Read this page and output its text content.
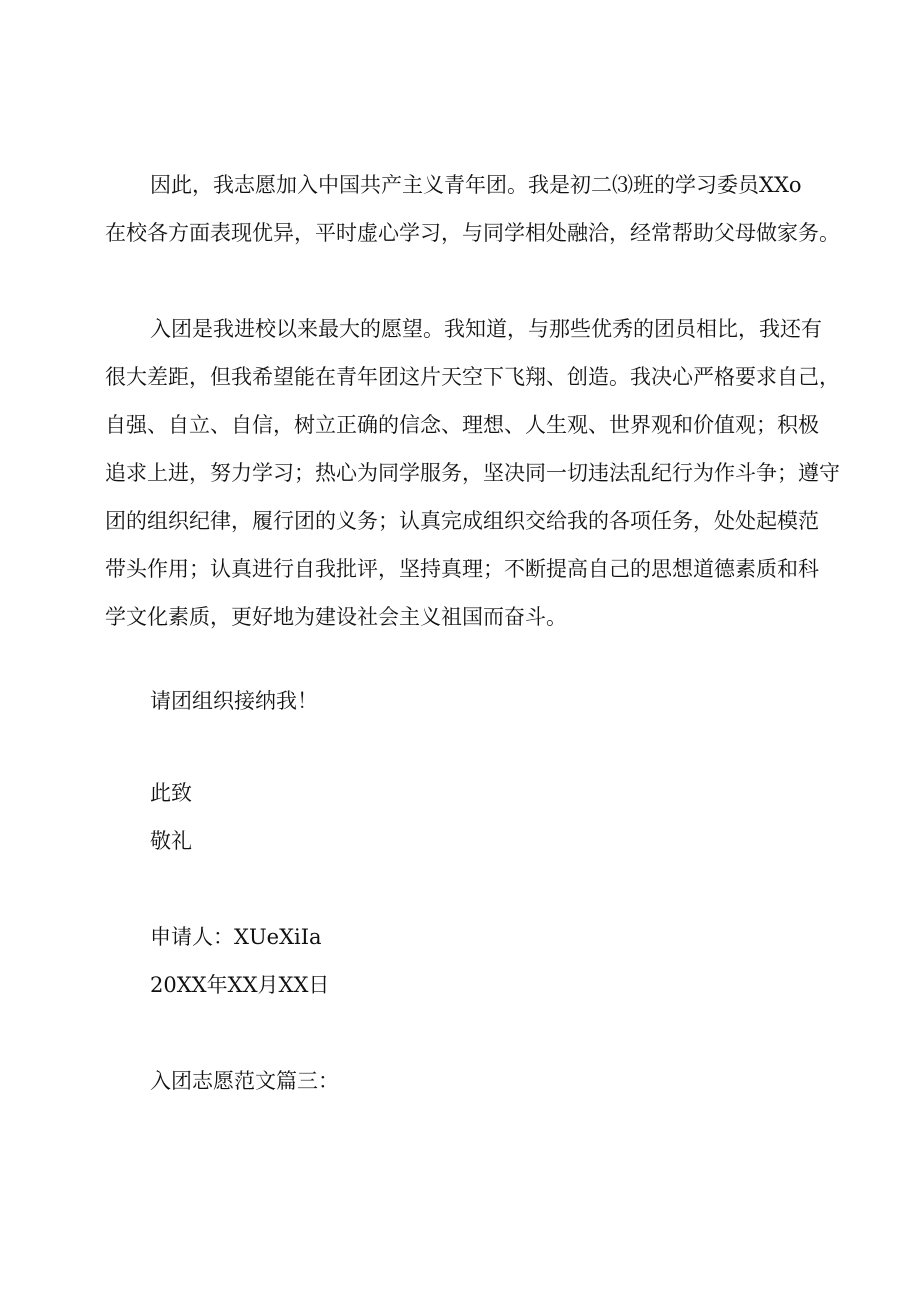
因此，我志愿加入中国共产主义青年团。我是初二⑶班的学习委员XXo
在校各方面表现优异，平时虚心学习，与同学相处融洽，经常帮助父母做家务。
入团是我进校以来最大的愿望。我知道，与那些优秀的团员相比，我还有
很大差距，但我希望能在青年团这片天空下飞翔、创造。我决心严格要求自己，
自强、自立、自信，树立正确的信念、理想、人生观、世界观和价值观；积极
追求上进，努力学习；热心为同学服务，坚决同一切违法乱纪行为作斗争；遵守
团的组织纪律，履行团的义务；认真完成组织交给我的各项任务，处处起模范
带头作用；认真进行自我批评，坚持真理；不断提高自己的思想道德素质和科
学文化素质，更好地为建设社会主义祖国而奋斗。
请团组织接纳我！
此致
敬礼
申请人：XUeXiIa
20XX年XX月XX日
入团志愿范文篇三：
